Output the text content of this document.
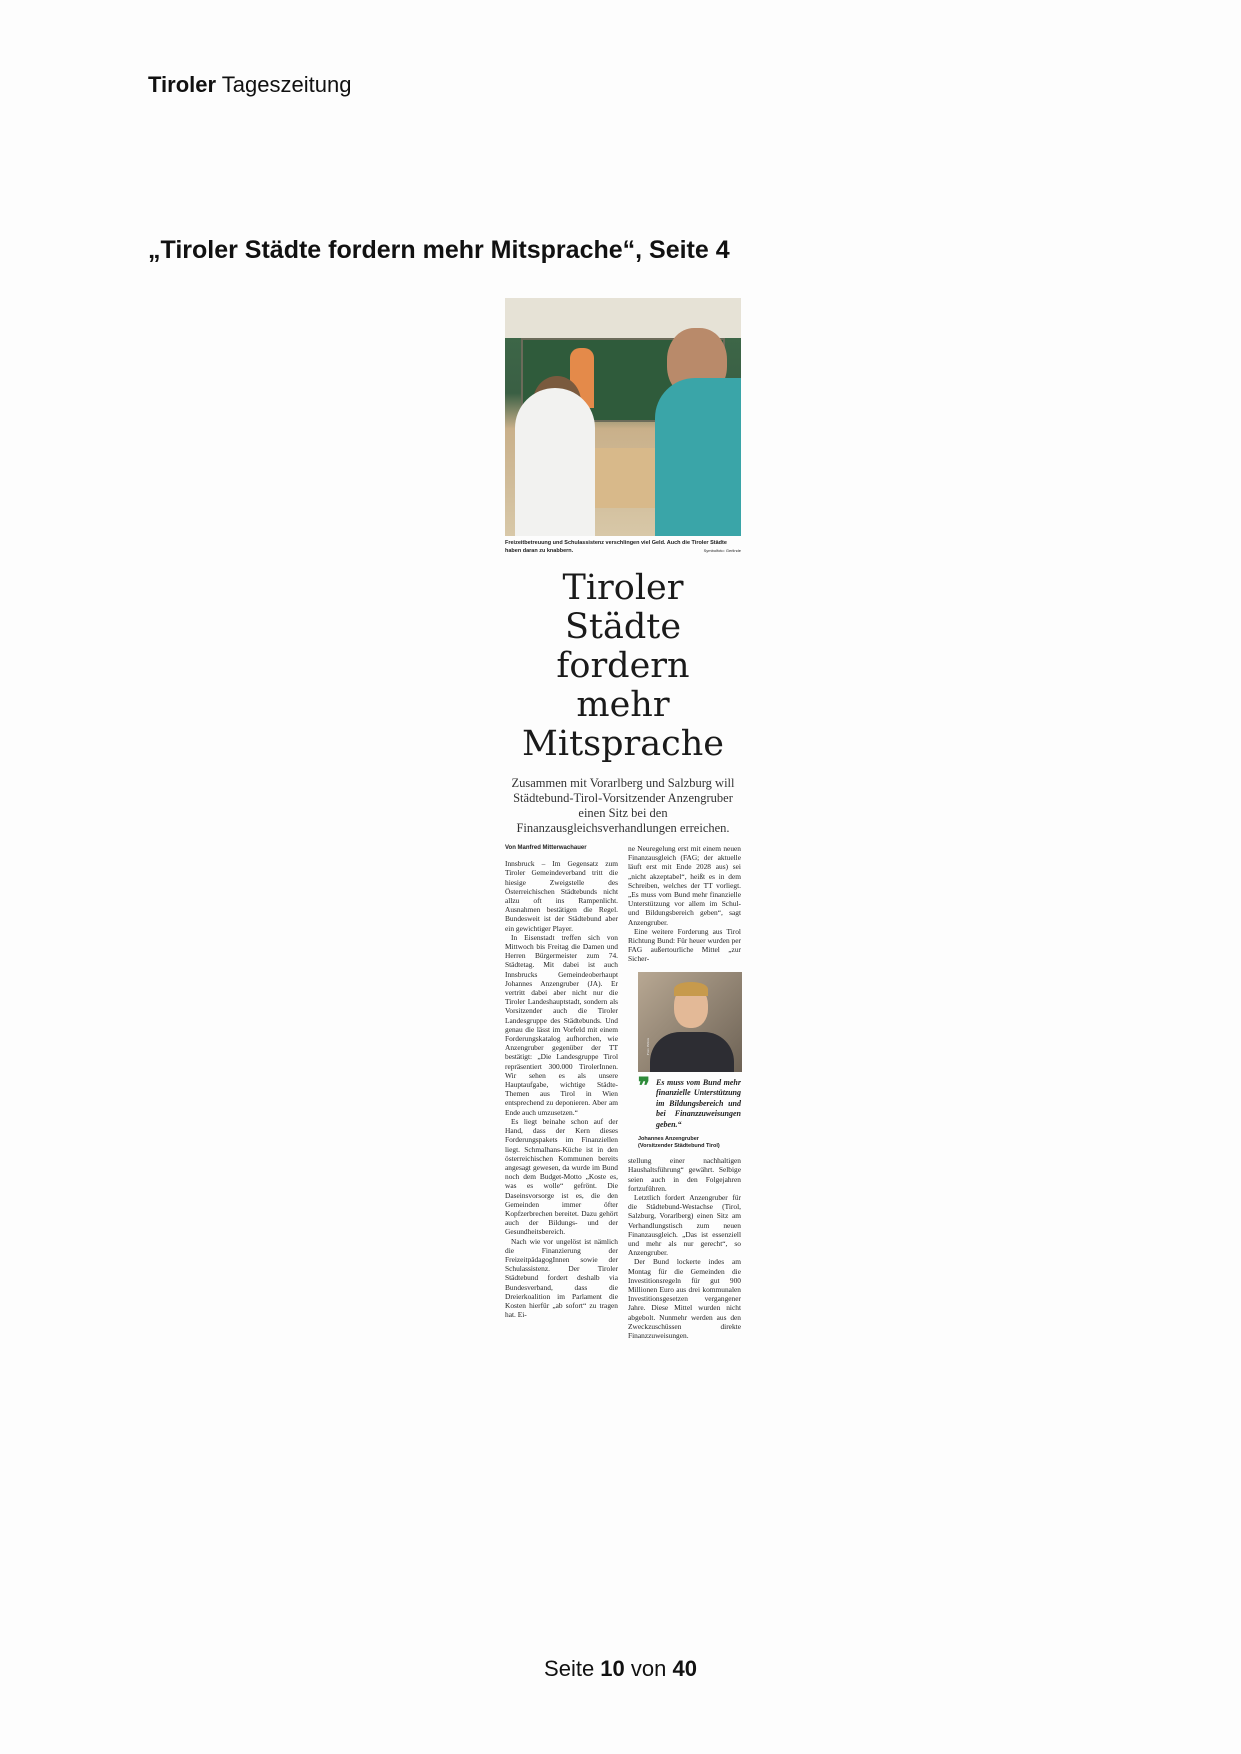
Tiroler Tageszeitung
„Tiroler Städte fordern mehr Mitsprache“, Seite 4
Freizeitbetreuung und Schulassistenz verschlingen viel Geld. Auch die Tiroler Städte haben daran zu knabbern.	Symbolfoto: Gerlinde
Tiroler Städte fordern mehr Mitsprache
Zusammen mit Vorarlberg und Salzburg will Städtebund-Tirol-Vorsitzender Anzengruber einen Sitz bei den Finanzausgleichsverhandlungen erreichen.
Von Manfred Mitterwachauer

Innsbruck – Im Gegensatz zum Tiroler Gemeindeverband tritt die hiesige Zweigstelle des Österreichischen Städtebunds nicht allzu oft ins Rampenlicht. Ausnahmen bestätigen die Regel. Bundesweit ist der Städtebund aber ein gewichtiger Player.

In Eisenstadt treffen sich von Mittwoch bis Freitag die Damen und Herren Bürgermeister zum 74. Städtetag. Mit dabei ist auch Innsbrucks Gemeindeoberhaupt Johannes Anzengruber (JA). Er vertritt dabei aber nicht nur die Tiroler Landeshauptstadt, sondern als Vorsitzender auch die Tiroler Landesgruppe des Städtebunds. Und genau die lässt im Vorfeld mit einem Forderungskatalog aufhorchen, wie Anzengruber gegenüber der TT bestätigt: „Die Landesgruppe Tirol repräsentiert 300.000 TirolerInnen. Wir sehen es als unsere Hauptaufgabe, wichtige Städte-Themen aus Tirol in Wien entsprechend zu deponieren. Aber am Ende auch umzusetzen.“

Es liegt beinahe schon auf der Hand, dass der Kern dieses Forderungspakets im Finanziellen liegt. Schmalhans-Küche ist in den österreichischen Kommunen bereits angesagt gewesen, da wurde im Bund noch dem Budget-Motto „Koste es, was es wolle“ gefrönt. Die Daseinsvorsorge ist es, die den Gemeinden immer öfter Kopfzerbrechen bereitet. Dazu gehört auch der Bildungs- und der Gesundheitsbereich.

Nach wie vor ungelöst ist nämlich die Finanzierung der FreizeitpädagogInnen sowie der Schulassistenz. Der Tiroler Städtebund fordert deshalb via Bundesverband, dass die Dreierkoalition im Parlament die Kosten hierfür „ab sofort“ zu tragen hat. Ei-

ne Neuregelung erst mit einem neuen Finanzausgleich (FAG; der aktuelle läuft erst mit Ende 2028 aus) sei „nicht akzeptabel“, heißt es in dem Schreiben, welches der TT vorliegt. „Es muss vom Bund mehr finanzielle Unterstützung vor allem im Schul- und Bildungsbereich geben“, sagt Anzengruber.

Eine weitere Forderung aus Tirol Richtung Bund: Für heuer wurden per FAG außertourliche Mittel „zur Sicher-

Foto: Böhm
❞ Es muss vom Bund mehr finanzielle Unterstützung im Bildungsbereich und bei Finanzzuweisungen geben.“
Johannes Anzengruber
(Vorsitzender Städtebund Tirol)

stellung einer nachhaltigen Haushaltsführung“ gewährt. Selbige seien auch in den Folgejahren fortzuführen.

Letztlich fordert Anzengruber für die Städtebund-Westachse (Tirol, Salzburg, Vorarlberg) einen Sitz am Verhandlungstisch zum neuen Finanzausgleich. „Das ist essenziell und mehr als nur gerecht“, so Anzengruber.

Der Bund lockerte indes am Montag für die Gemeinden die Investitionsregeln für gut 900 Millionen Euro aus drei kommunalen Investitionsgesetzen vergangener Jahre. Diese Mittel wurden nicht abgebolt. Nunmehr werden aus den Zweckzuschüssen direkte Finanzzuweisungen.

Seite 10 von 40
